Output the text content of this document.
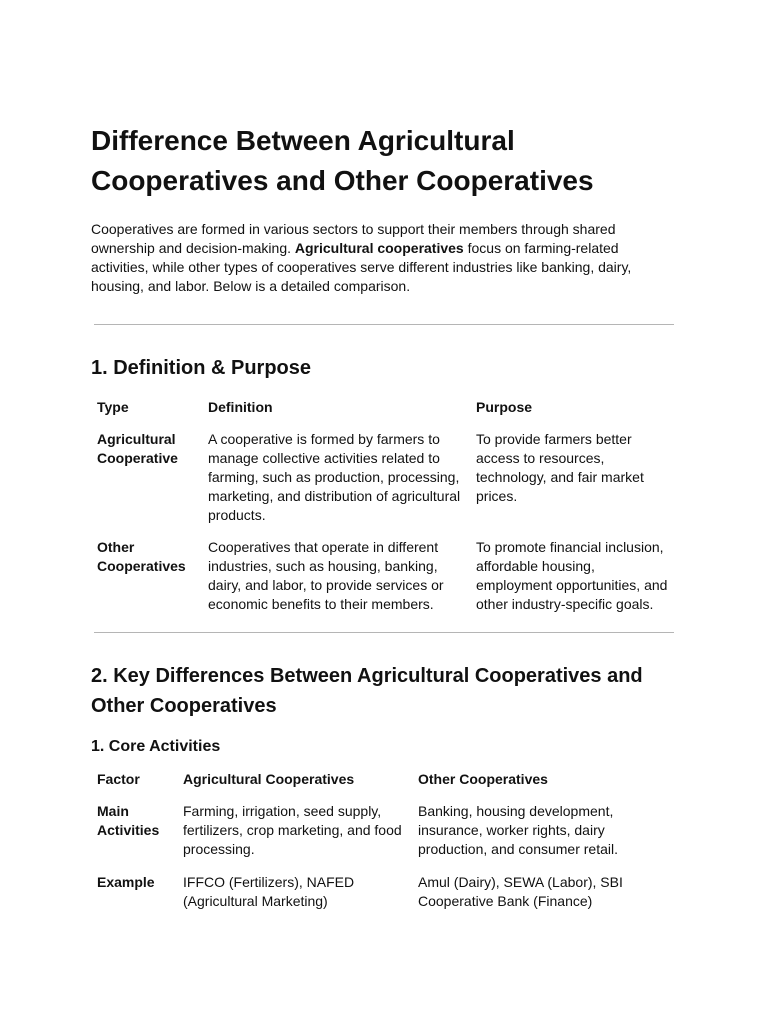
Difference Between Agricultural Cooperatives and Other Cooperatives

Cooperatives are formed in various sectors to support their members through shared ownership and decision-making. Agricultural cooperatives focus on farming-related activities, while other types of cooperatives serve different industries like banking, dairy, housing, and labor. Below is a detailed comparison.

1. Definition & Purpose
Type	Definition	Purpose

Agricultural Cooperative	A cooperative is formed by farmers to manage collective activities related to farming, such as production, processing, marketing, and distribution of agricultural products.	To provide farmers better access to resources, technology, and fair market prices.

Other Cooperatives	Cooperatives that operate in different industries, such as housing, banking, dairy, and labor, to provide services or economic benefits to their members.	To promote financial inclusion, affordable housing, employment opportunities, and other industry-specific goals.
2. Key Differences Between Agricultural Cooperatives and Other Cooperatives
1. Core Activities
Factor	Agricultural Cooperatives	Other Cooperatives

Main Activities	Farming, irrigation, seed supply, fertilizers, crop marketing, and food processing.	Banking, housing development, insurance, worker rights, dairy production, and consumer retail.

Example	IFFCO (Fertilizers), NAFED (Agricultural Marketing)	Amul (Dairy), SEWA (Labor), SBI Cooperative Bank (Finance)
